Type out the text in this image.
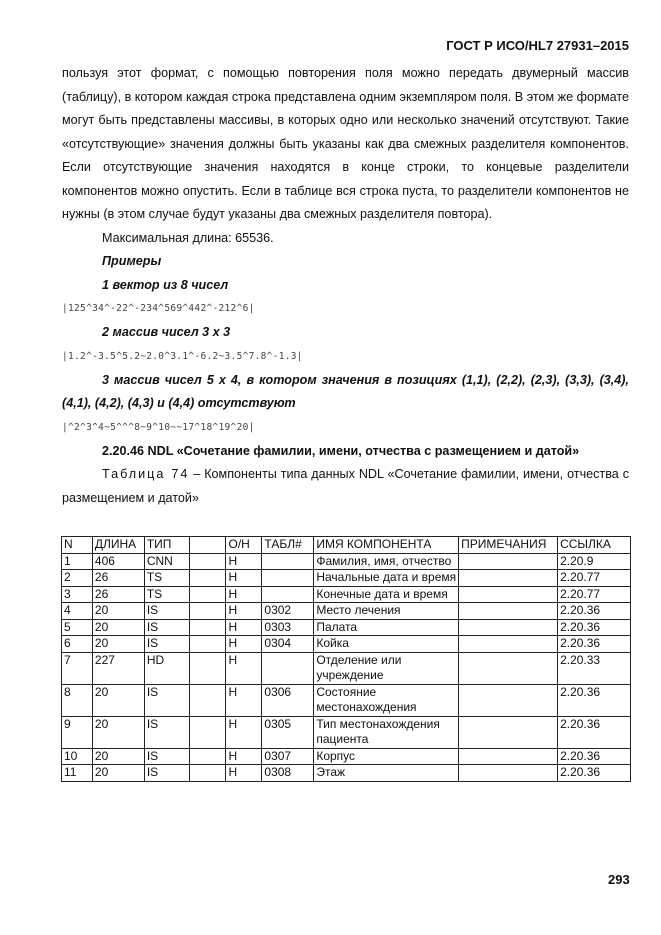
ГОСТ Р ИСО/HL7 27931–2015

пользуя этот формат, с помощью повторения поля можно передать двумерный массив (таблицу), в котором каждая строка представлена одним экземпляром поля. В этом же формате могут быть представлены массивы, в которых одно или несколько значений отсутствуют. Такие «отсутствующие» значения должны быть указаны как два смежных разделителя компонентов. Если отсутствующие значения находятся в конце строки, то концевые разделители компонентов можно опустить. Если в таблице вся строка пуста, то разделители компонентов не нужны (в этом случае будут указаны два смежных разделителя повтора).

Максимальная длина: 65536.

Примеры

1 вектор из 8 чисел

|125^34^-22^-234^569^442^-212^6|

2 массив чисел 3 х 3

|1.2^-3.5^5.2~2.0^3.1^-6.2~3.5^7.8^-1.3|

3 массив чисел 5 х 4, в котором значения в позициях (1,1), (2,2), (2,3), (3,3), (3,4), (4,1), (4,2), (4,3) и (4,4) отсутствуют

|^2^3^4~5^^^8~9^10~~17^18^19^20|

2.20.46 NDL «Сочетание фамилии, имени, отчества с размещением и датой»

Таблица 74 – Компоненты типа данных NDL «Сочетание фамилии, имени, отчества с размещением и датой»

N	ДЛИНА	ТИП		О/Н	ТАБЛ#	ИМЯ КОМПОНЕНТА	ПРИМЕЧАНИЯ	ССЫЛКА
1	406	CNN		Н		Фамилия, имя, отчество		2.20.9
2	26	TS		Н		Начальные дата и время		2.20.77
3	26	TS		Н		Конечные дата и время		2.20.77
4	20	IS		Н	0302	Место лечения		2.20.36
5	20	IS		Н	0303	Палата		2.20.36
6	20	IS		Н	0304	Койка		2.20.36
7	227	HD		Н		Отделение или учреждение		2.20.33
8	20	IS		Н	0306	Состояние местонахождения		2.20.36
9	20	IS		Н	0305	Тип местонахождения пациента		2.20.36
10	20	IS		Н	0307	Корпус		2.20.36
11	20	IS		Н	0308	Этаж		2.20.36
293
